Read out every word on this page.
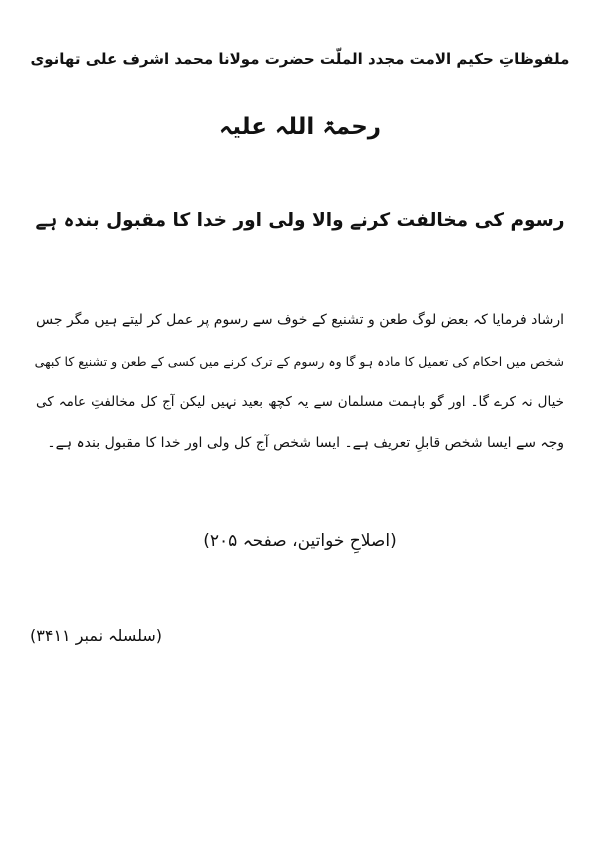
ملفوظاتِ حکیم الامت مجدد الملّت حضرت مولانا محمد اشرف علی تھانوی
رحمۃ اللہ علیہ
رسوم کی مخالفت کرنے والا ولی اور خدا کا مقبول بندہ ہے
ارشاد فرمایا کہ بعض لوگ طعن و تشنیع کے خوف سے رسوم پر عمل کر لیتے ہیں مگر جس
شخص میں احکام کی تعمیل کا مادہ ہو گا وہ رسوم کے ترک کرنے میں کسی کے طعن و تشنیع کا کبھی
خیال نہ کرے گا۔ اور گو باہمت مسلمان سے یہ کچھ بعید نہیں لیکن آج کل مخالفتِ عامہ کی
وجہ سے ایسا شخص قابلِ تعریف ہے۔ ایسا شخص آج کل ولی اور خدا کا مقبول بندہ ہے۔
(اصلاحِ خواتین، صفحہ ۲۰۵)
(سلسلہ نمبر ۳۴۱۱)
